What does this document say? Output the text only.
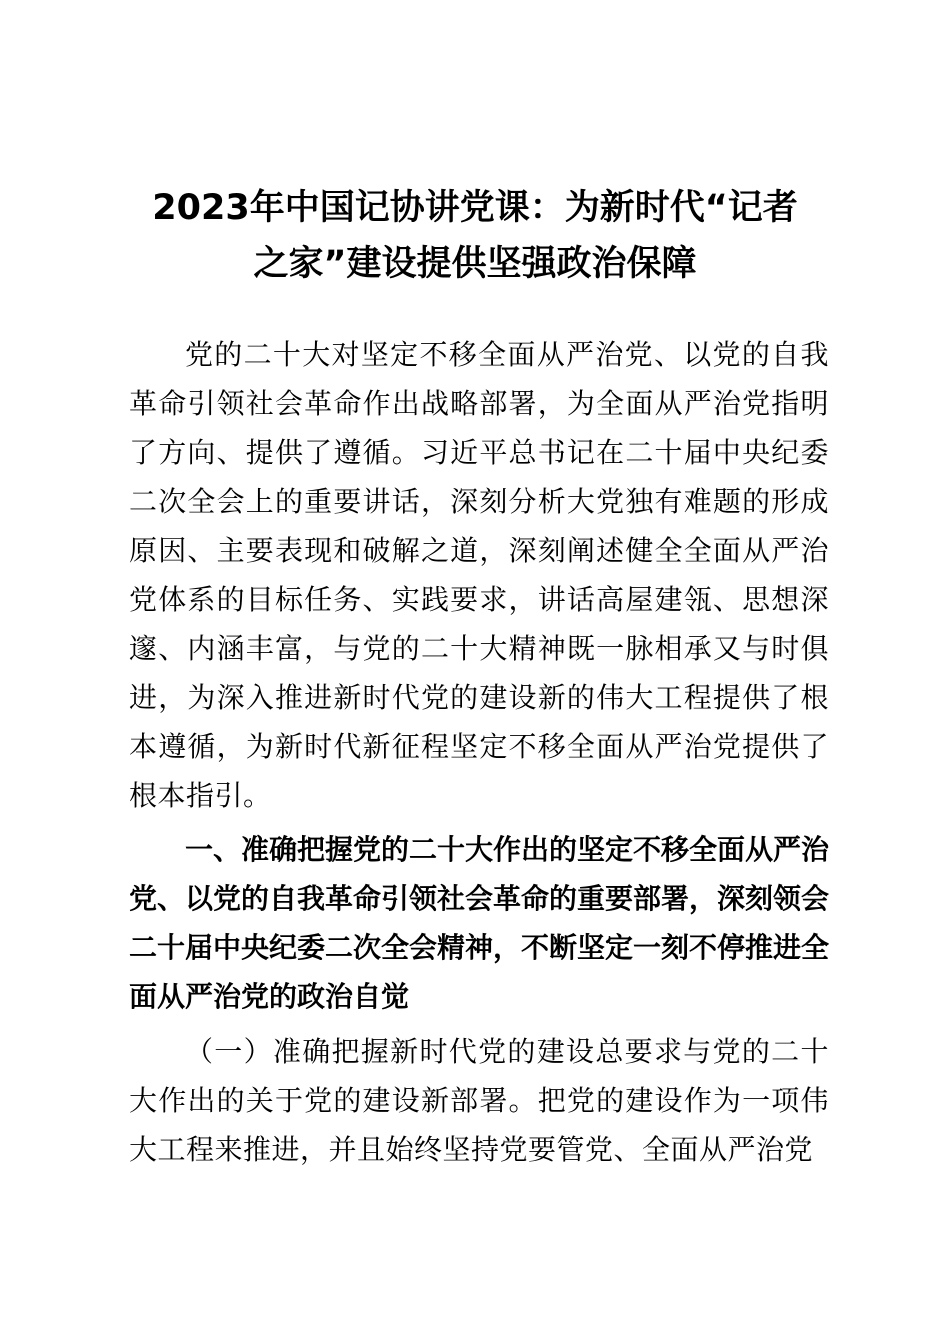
2023年中国记协讲党课：为新时代“记者

之家”建设提供坚强政治保障

党的二十大对坚定不移全面从严治党、以党的自我革命引领社会革命作出战略部署，为全面从严治党指明了方向、提供了遵循。习近平总书记在二十届中央纪委二次全会上的重要讲话，深刻分析大党独有难题的形成原因、主要表现和破解之道，深刻阐述健全全面从严治党体系的目标任务、实践要求，讲话高屋建瓴、思想深邃、内涵丰富，与党的二十大精神既一脉相承又与时俱进，为深入推进新时代党的建设新的伟大工程提供了根本遵循，为新时代新征程坚定不移全面从严治党提供了根本指引。

一、准确把握党的二十大作出的坚定不移全面从严治党、以党的自我革命引领社会革命的重要部署，深刻领会二十届中央纪委二次全会精神，不断坚定一刻不停推进全面从严治党的政治自觉

（一）准确把握新时代党的建设总要求与党的二十大作出的关于党的建设新部署。把党的建设作为一项伟大工程来推进，并且始终坚持党要管党、全面从严治党
